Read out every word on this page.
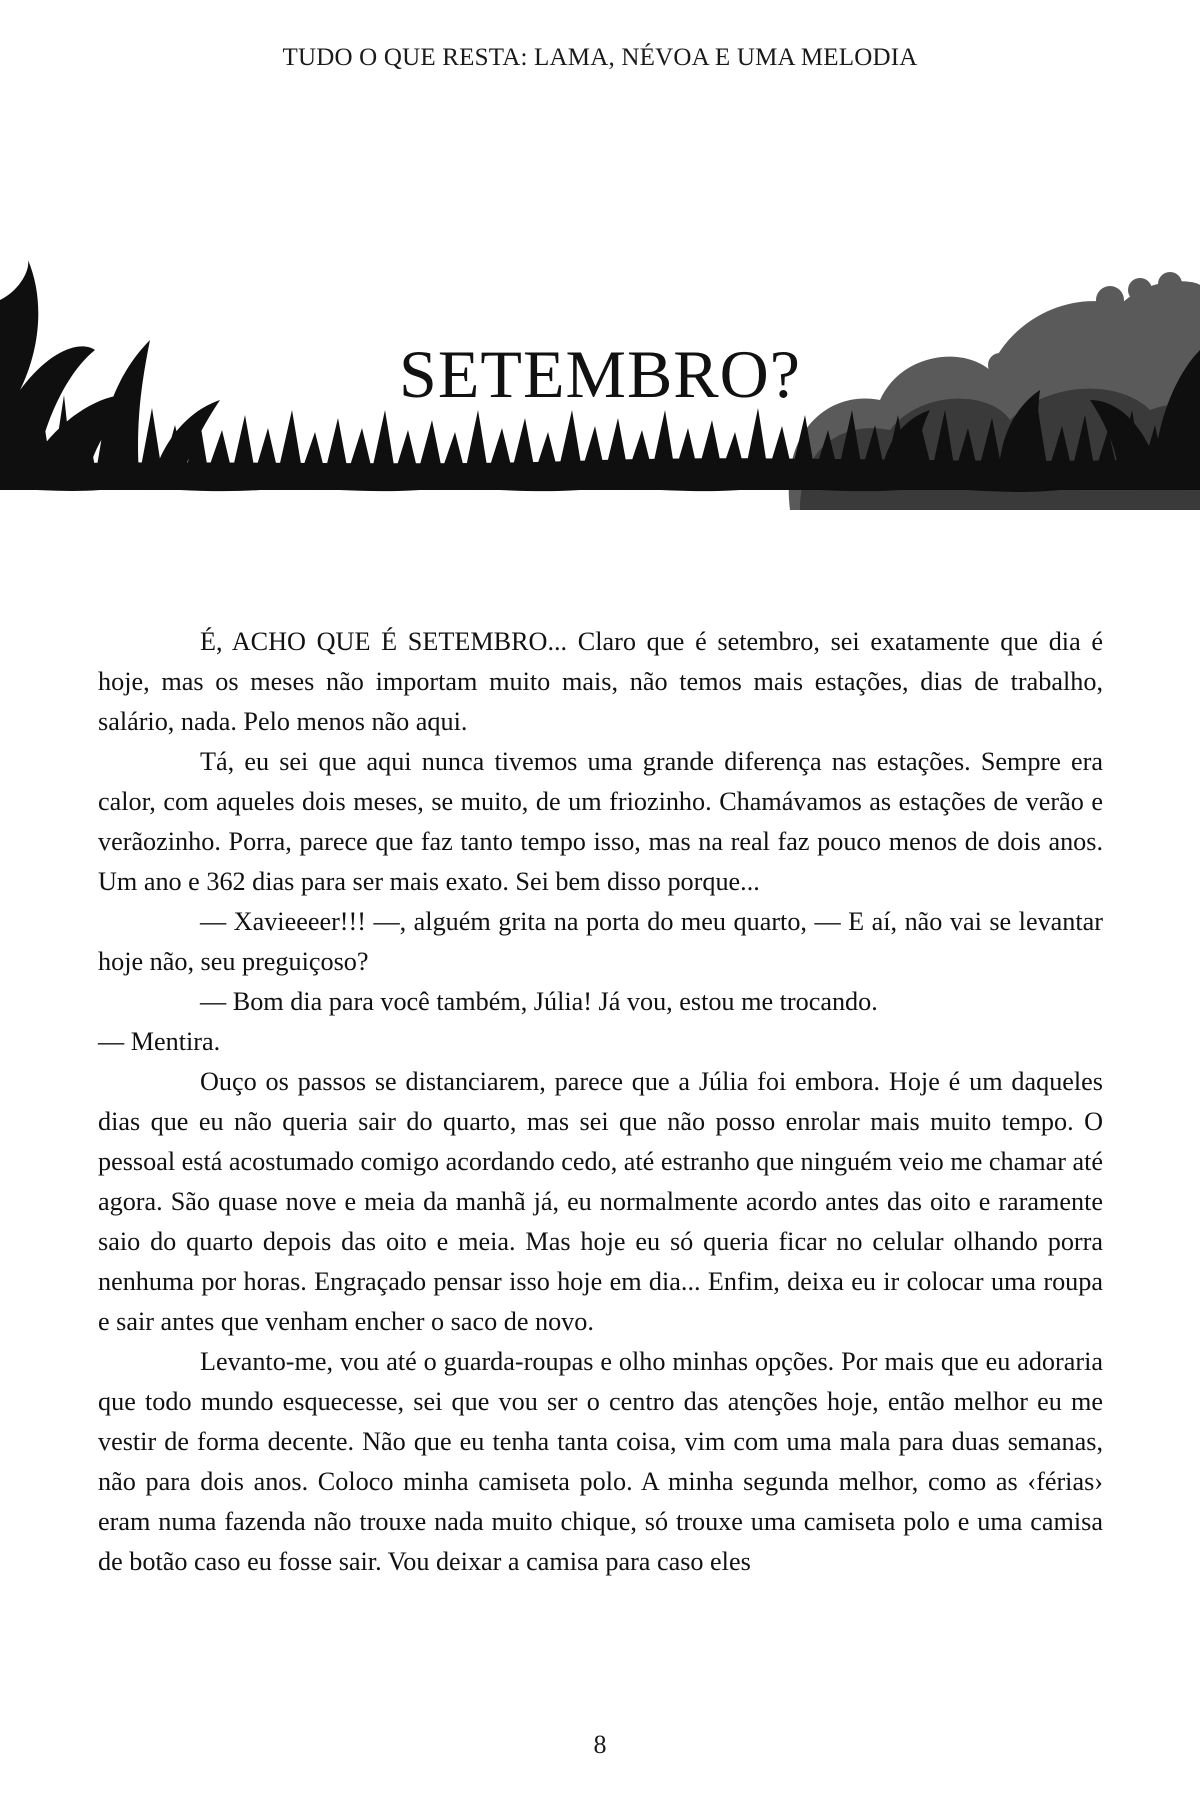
TUDO O QUE RESTA: LAMA, NÉVOA E UMA MELODIA
SETEMBRO?

É, ACHO QUE É SETEMBRO... Claro que é setembro, sei exatamente que dia é hoje, mas os meses não importam muito mais, não temos mais estações, dias de trabalho, salário, nada. Pelo menos não aqui.

Tá, eu sei que aqui nunca tivemos uma grande diferença nas estações. Sempre era calor, com aqueles dois meses, se muito, de um friozinho. Chamávamos as estações de verão e verãozinho. Porra, parece que faz tanto tempo isso, mas na real faz pouco menos de dois anos. Um ano e 362 dias para ser mais exato. Sei bem disso porque...

— Xavieeeer!!! —, alguém grita na porta do meu quarto, — E aí, não vai se levantar hoje não, seu preguiçoso?

— Bom dia para você também, Júlia! Já vou, estou me trocando.

— Mentira.

Ouço os passos se distanciarem, parece que a Júlia foi embora. Hoje é um daqueles dias que eu não queria sair do quarto, mas sei que não posso enrolar mais muito tempo. O pessoal está acostumado comigo acordando cedo, até estranho que ninguém veio me chamar até agora. São quase nove e meia da manhã já, eu normalmente acordo antes das oito e raramente saio do quarto depois das oito e meia. Mas hoje eu só queria ficar no celular olhando porra nenhuma por horas. Engraçado pensar isso hoje em dia... Enfim, deixa eu ir colocar uma roupa e sair antes que venham encher o saco de novo.

Levanto-me, vou até o guarda-roupas e olho minhas opções. Por mais que eu adoraria que todo mundo esquecesse, sei que vou ser o centro das atenções hoje, então melhor eu me vestir de forma decente. Não que eu tenha tanta coisa, vim com uma mala para duas semanas, não para dois anos. Coloco minha camiseta polo. A minha segunda melhor, como as ‹férias› eram numa fazenda não trouxe nada muito chique, só trouxe uma camiseta polo e uma camisa de botão caso eu fosse sair. Vou deixar a camisa para caso eles

8
